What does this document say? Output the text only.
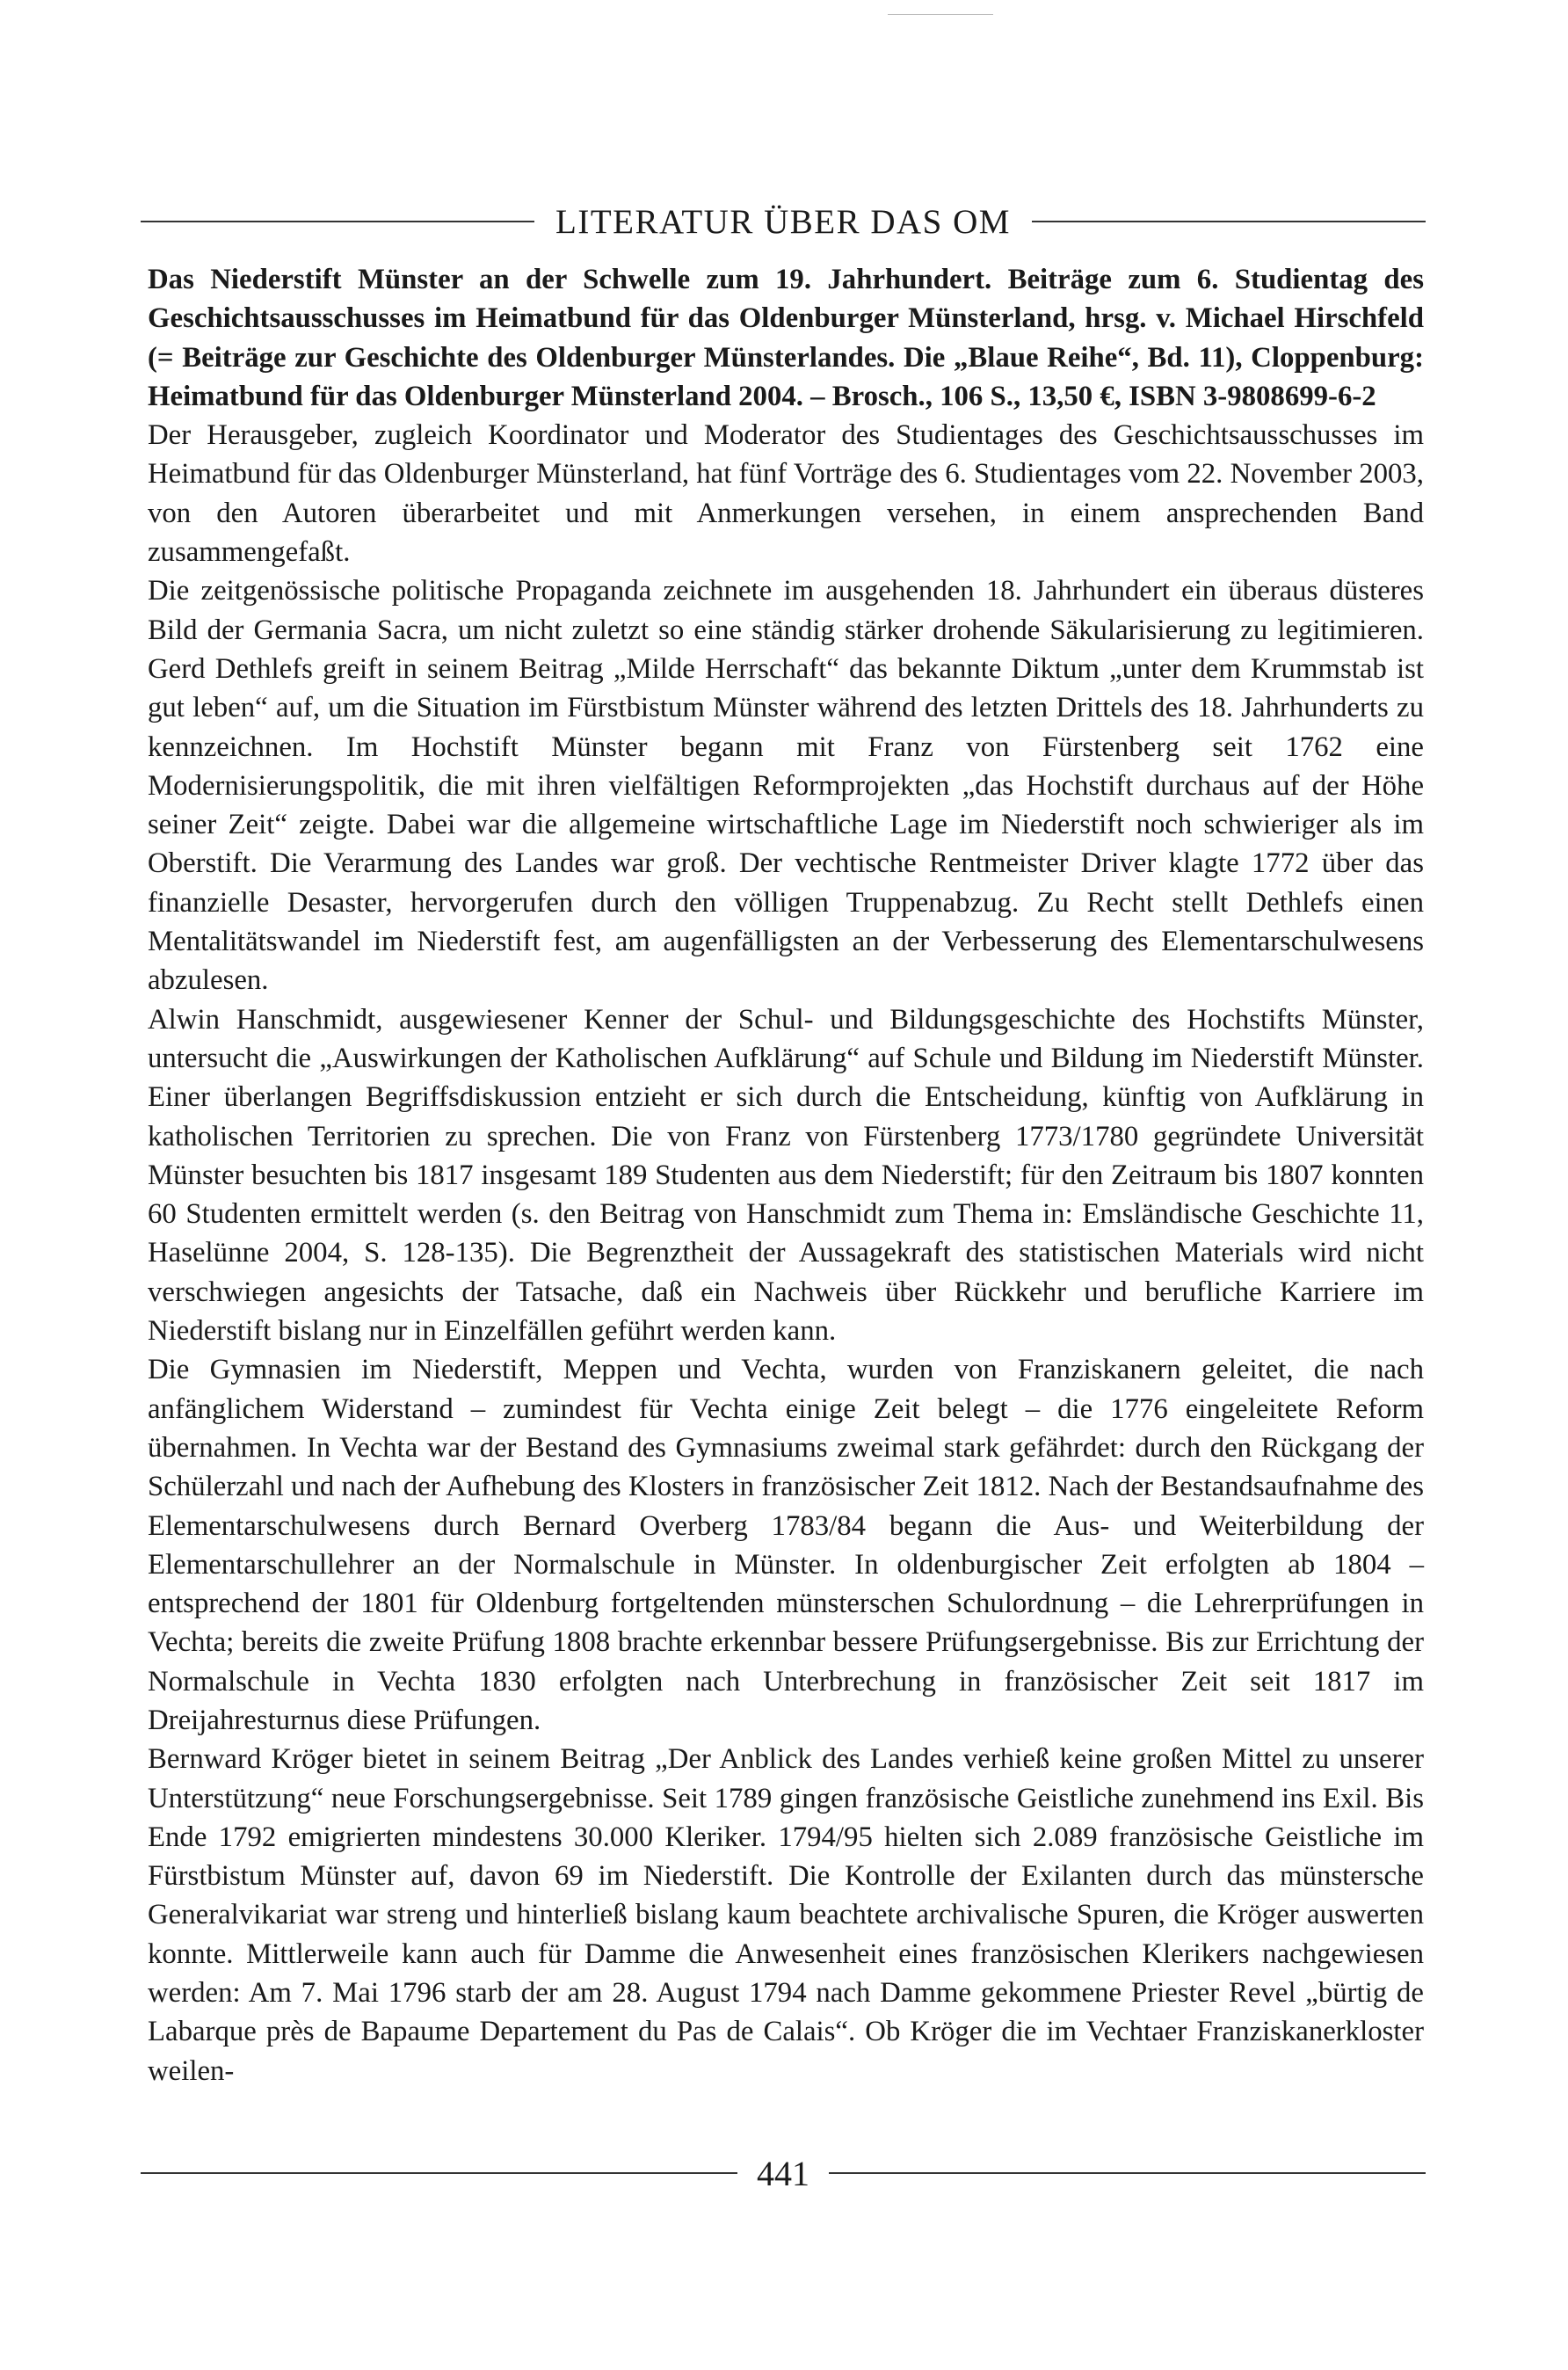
LITERATUR ÜBER DAS OM

Das Niederstift Münster an der Schwelle zum 19. Jahrhundert. Beiträge zum 6. Studientag des Geschichtsausschusses im Heimatbund für das Oldenburger Münsterland, hrsg. v. Michael Hirschfeld (= Beiträge zur Geschichte des Oldenburger Münsterlandes. Die „Blaue Reihe“, Bd. 11), Cloppenburg: Heimatbund für das Oldenburger Münsterland 2004. – Brosch., 106 S., 13,50 €, ISBN 3-9808699-6-2

Der Herausgeber, zugleich Koordinator und Moderator des Studientages des Geschichtsausschusses im Heimatbund für das Oldenburger Münsterland, hat fünf Vorträge des 6. Studientages vom 22. November 2003, von den Autoren überarbeitet und mit Anmerkungen versehen, in einem ansprechenden Band zusammengefaßt.

Die zeitgenössische politische Propaganda zeichnete im ausgehenden 18. Jahrhundert ein überaus düsteres Bild der Germania Sacra, um nicht zuletzt so eine ständig stärker drohende Säkularisierung zu legitimieren. Gerd Dethlefs greift in seinem Beitrag „Milde Herrschaft“ das bekannte Diktum „unter dem Krummstab ist gut leben“ auf, um die Situation im Fürstbistum Münster während des letzten Drittels des 18. Jahrhunderts zu kennzeichnen. Im Hochstift Münster begann mit Franz von Fürstenberg seit 1762 eine Modernisierungspolitik, die mit ihren vielfältigen Reformprojekten „das Hochstift durchaus auf der Höhe seiner Zeit“ zeigte. Dabei war die allgemeine wirtschaftliche Lage im Niederstift noch schwieriger als im Oberstift. Die Verarmung des Landes war groß. Der vechtische Rentmeister Driver klagte 1772 über das finanzielle Desaster, hervorgerufen durch den völligen Truppenabzug. Zu Recht stellt Dethlefs einen Mentalitätswandel im Niederstift fest, am augenfälligsten an der Verbesserung des Elementarschulwesens abzulesen.

Alwin Hanschmidt, ausgewiesener Kenner der Schul- und Bildungsgeschichte des Hochstifts Münster, untersucht die „Auswirkungen der Katholischen Aufklärung“ auf Schule und Bildung im Niederstift Münster. Einer überlangen Begriffsdiskussion entzieht er sich durch die Entscheidung, künftig von Aufklärung in katholischen Territorien zu sprechen. Die von Franz von Fürstenberg 1773/1780 gegründete Universität Münster besuchten bis 1817 insgesamt 189 Studenten aus dem Niederstift; für den Zeitraum bis 1807 konnten 60 Studenten ermittelt werden (s. den Beitrag von Hanschmidt zum Thema in: Emsländische Geschichte 11, Haselünne 2004, S. 128-135). Die Begrenztheit der Aussagekraft des statistischen Materials wird nicht verschwiegen angesichts der Tatsache, daß ein Nachweis über Rückkehr und berufliche Karriere im Niederstift bislang nur in Einzelfällen geführt werden kann.

Die Gymnasien im Niederstift, Meppen und Vechta, wurden von Franziskanern geleitet, die nach anfänglichem Widerstand – zumindest für Vechta einige Zeit belegt – die 1776 eingeleitete Reform übernahmen. In Vechta war der Bestand des Gymnasiums zweimal stark gefährdet: durch den Rückgang der Schülerzahl und nach der Aufhebung des Klosters in französischer Zeit 1812. Nach der Bestandsaufnahme des Elementarschulwesens durch Bernard Overberg 1783/84 begann die Aus- und Weiterbildung der Elementarschullehrer an der Normalschule in Münster. In oldenburgischer Zeit erfolgten ab 1804 – entsprechend der 1801 für Oldenburg fortgeltenden münsterschen Schulordnung – die Lehrerprüfungen in Vechta; bereits die zweite Prüfung 1808 brachte erkennbar bessere Prüfungsergebnisse. Bis zur Errichtung der Normalschule in Vechta 1830 erfolgten nach Unterbrechung in französischer Zeit seit 1817 im Dreijahresturnus diese Prüfungen.

Bernward Kröger bietet in seinem Beitrag „Der Anblick des Landes verhieß keine großen Mittel zu unserer Unterstützung“ neue Forschungsergebnisse. Seit 1789 gingen französische Geistliche zunehmend ins Exil. Bis Ende 1792 emigrierten mindestens 30.000 Kleriker. 1794/95 hielten sich 2.089 französische Geistliche im Fürstbistum Münster auf, davon 69 im Niederstift. Die Kontrolle der Exilanten durch das münstersche Generalvikariat war streng und hinterließ bislang kaum beachtete archivalische Spuren, die Kröger auswerten konnte. Mittlerweile kann auch für Damme die Anwesenheit eines französischen Klerikers nachgewiesen werden: Am 7. Mai 1796 starb der am 28. August 1794 nach Damme gekommene Priester Revel „bürtig de Labarque près de Bapaume Departement du Pas de Calais“. Ob Kröger die im Vechtaer Franziskanerkloster weilen-

441
